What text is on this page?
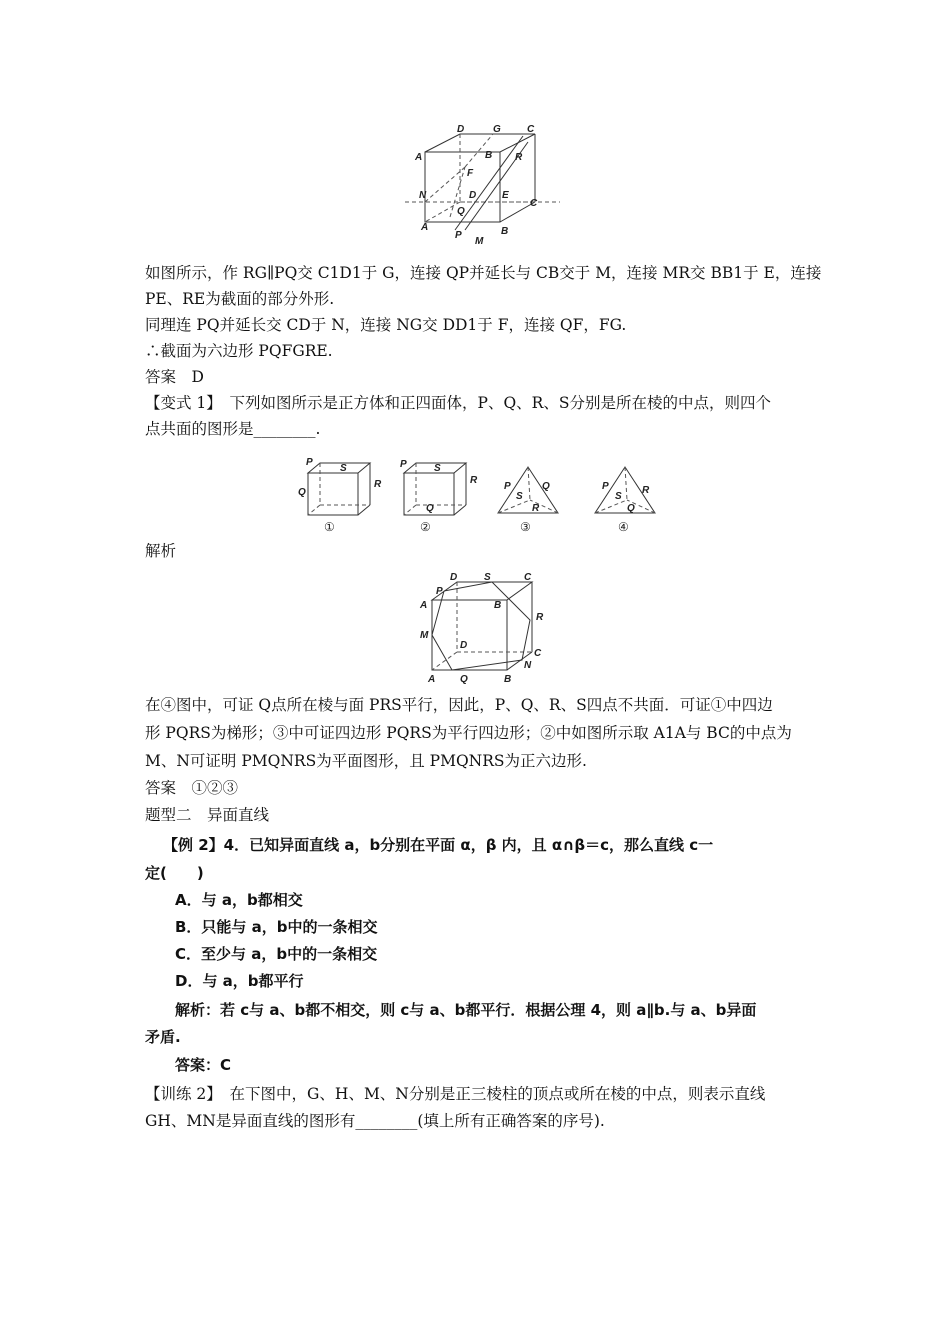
D	G	C
A	B R
F
N	D	E
Q
C
A
P
M
B
如图所示，作 RG∥PQ交 C1D1于 G，连接 QP并延长与 CB交于 M，连接 MR交 BB1于 E，连接
PE、RE为截面的部分外形.
同理连 PQ并延长交 CD于 N，连接 NG交 DD1于 F，连接 QF，FG.
∴截面为六边形 PQFGRE.
答案　D
【变式 1】　下列如图所示是正方体和正四面体，P、Q、R、S分别是所在棱的中点，则四个
点共面的图形是________.
P
S
Q
R
①
P	S
Q
R
②
P
S
Q
R
③
P
S
R
Q
④
解析
D	S	C
P
A	B
R
M
D
C
N
A Q	B
在④图中，可证 Q点所在棱与面 PRS平行，因此，P、Q、R、S四点不共面．可证①中四边
形 PQRS为梯形；③中可证四边形 PQRS为平行四边形；②中如图所示取 A1A与 BC的中点为
M、N可证明 PMQNRS为平面图形，且 PMQNRS为正六边形.
答案　①②③
题型二　异面直线
【例 2】4．已知异面直线 a，b分别在平面 α，β 内，且 α∩β＝c，那么直线 c一
定(　　)
A．与 a，b都相交
B．只能与 a，b中的一条相交
C．至少与 a，b中的一条相交
D．与 a，b都平行
解析：若 c与 a、b都不相交，则 c与 a、b都平行．根据公理 4，则 a∥b.与 a、b异面
矛盾.
答案：C
【训练 2】　在下图中，G、H、M、N分别是正三棱柱的顶点或所在棱的中点，则表示直线
GH、MN是异面直线的图形有________(填上所有正确答案的序号).
